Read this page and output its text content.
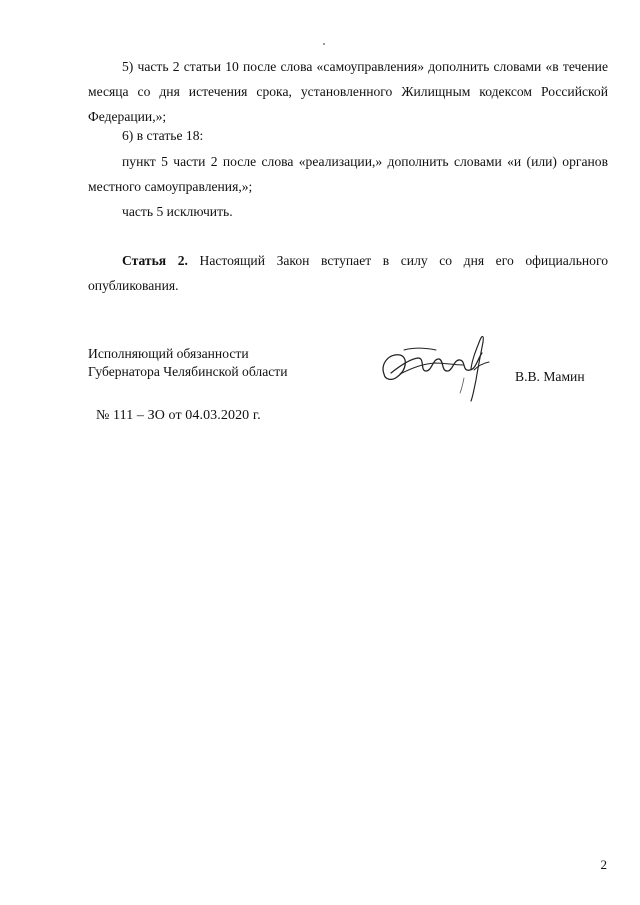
5) часть 2 статьи 10 после слова «самоуправления» дополнить словами «в течение месяца со дня истечения срока, установленного Жилищным кодексом Российской Федерации,»;

6) в статье 18:

пункт 5 части 2 после слова «реализации,» дополнить словами «и (или) органов местного самоуправления,»;

часть 5 исключить.

Статья 2. Настоящий Закон вступает в силу со дня его официального опубликования.

Исполняющий обязанности
Губернатора Челябинской области	В.В. Мамин
№ 111 – ЗО от 04.03.2020 г.
2
